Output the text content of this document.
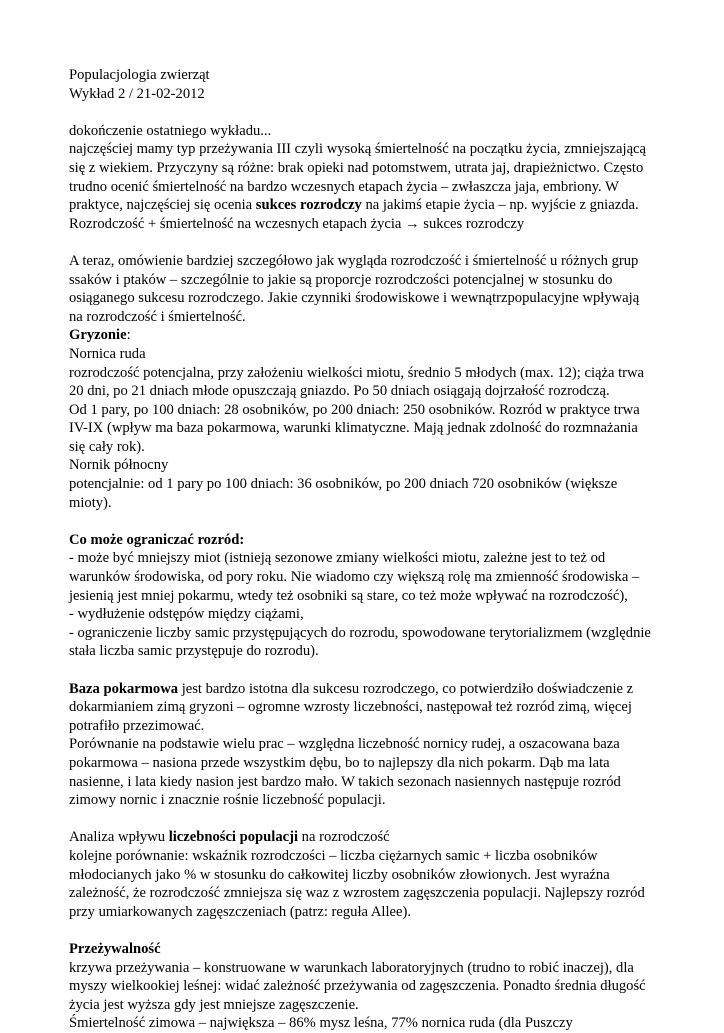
Populacjologia zwierząt
Wykład 2 / 21-02-2012
dokończenie ostatniego wykładu...
najczęściej mamy typ przeżywania III czyli wysoką śmiertelność na początku życia, zmniejszającą
się z wiekiem. Przyczyny są różne: brak opieki nad potomstwem, utrata jaj, drapieżnictwo. Często
trudno ocenić śmiertelność na bardzo wczesnych etapach życia – zwłaszcza jaja, embriony. W
praktyce, najczęściej się ocenia sukces rozrodczy na jakimś etapie życia – np. wyjście z gniazda.
Rozrodczość + śmiertelność na wczesnych etapach życia → sukces rozrodczy
A teraz, omówienie bardziej szczegółowo jak wygląda rozrodczość i śmiertelność u różnych grup
ssaków i ptaków – szczególnie to jakie są proporcje rozrodczości potencjalnej w stosunku do
osiąganego sukcesu rozrodczego. Jakie czynniki środowiskowe i wewnątrzpopulacyjne wpływają
na rozrodczość i śmiertelność.
Gryzonie:
Nornica ruda
rozrodczość potencjalna, przy założeniu wielkości miotu, średnio 5 młodych (max. 12); ciąża trwa
20 dni, po 21 dniach młode opuszczają gniazdo. Po 50 dniach osiągają dojrzałość rozrodczą.
Od 1 pary, po 100 dniach: 28 osobników, po 200 dniach: 250 osobników. Rozród w praktyce trwa
IV-IX (wpływ ma baza pokarmowa, warunki klimatyczne. Mają jednak zdolność do rozmnażania
się cały rok).
Nornik północny
potencjalnie: od 1 pary po 100 dniach: 36 osobników, po 200 dniach 720 osobników (większe
mioty).
Co może ograniczać rozród:
- może być mniejszy miot (istnieją sezonowe zmiany wielkości miotu, zależne jest to też od
warunków środowiska, od pory roku. Nie wiadomo czy większą rolę ma zmienność środowiska –
jesienią jest mniej pokarmu, wtedy też osobniki są stare, co też może wpływać na rozrodczość),
- wydłużenie odstępów między ciążami,
- ograniczenie liczby samic przystępujących do rozrodu, spowodowane terytorializmem (względnie
stała liczba samic przystępuje do rozrodu).
Baza pokarmowa jest bardzo istotna dla sukcesu rozrodczego, co potwierdziło doświadczenie z
dokarmianiem zimą gryzoni – ogromne wzrosty liczebności, następował też rozród zimą, więcej
potrafiło przezimować.
Porównanie na podstawie wielu prac – względna liczebność nornicy rudej, a oszacowana baza
pokarmowa – nasiona przede wszystkim dębu, bo to najlepszy dla nich pokarm. Dąb ma lata
nasienne, i lata kiedy nasion jest bardzo mało. W takich sezonach nasiennych następuje rozród
zimowy nornic i znacznie rośnie liczebność populacji.
Analiza wpływu liczebności populacji na rozrodczość
kolejne porównanie: wskaźnik rozrodczości – liczba ciężarnych samic + liczba osobników
młodocianych jako % w stosunku do całkowitej liczby osobników złowionych. Jest wyraźna
zależność, że rozrodczość zmniejsza się waz z wzrostem zagęszczenia populacji. Najlepszy rozród
przy umiarkowanych zagęszczeniach (patrz: reguła Allee).
Przeżywalność
krzywa przeżywania – konstruowane w warunkach laboratoryjnych (trudno to robić inaczej), dla
myszy wielkookiej leśnej: widać zależność przeżywania od zagęszczenia. Ponadto średnia długość
życia jest wyższa gdy jest mniejsze zagęszczenie.
Śmiertelność zimowa – największa – 86% mysz leśna, 77% nornica ruda (dla Puszczy
